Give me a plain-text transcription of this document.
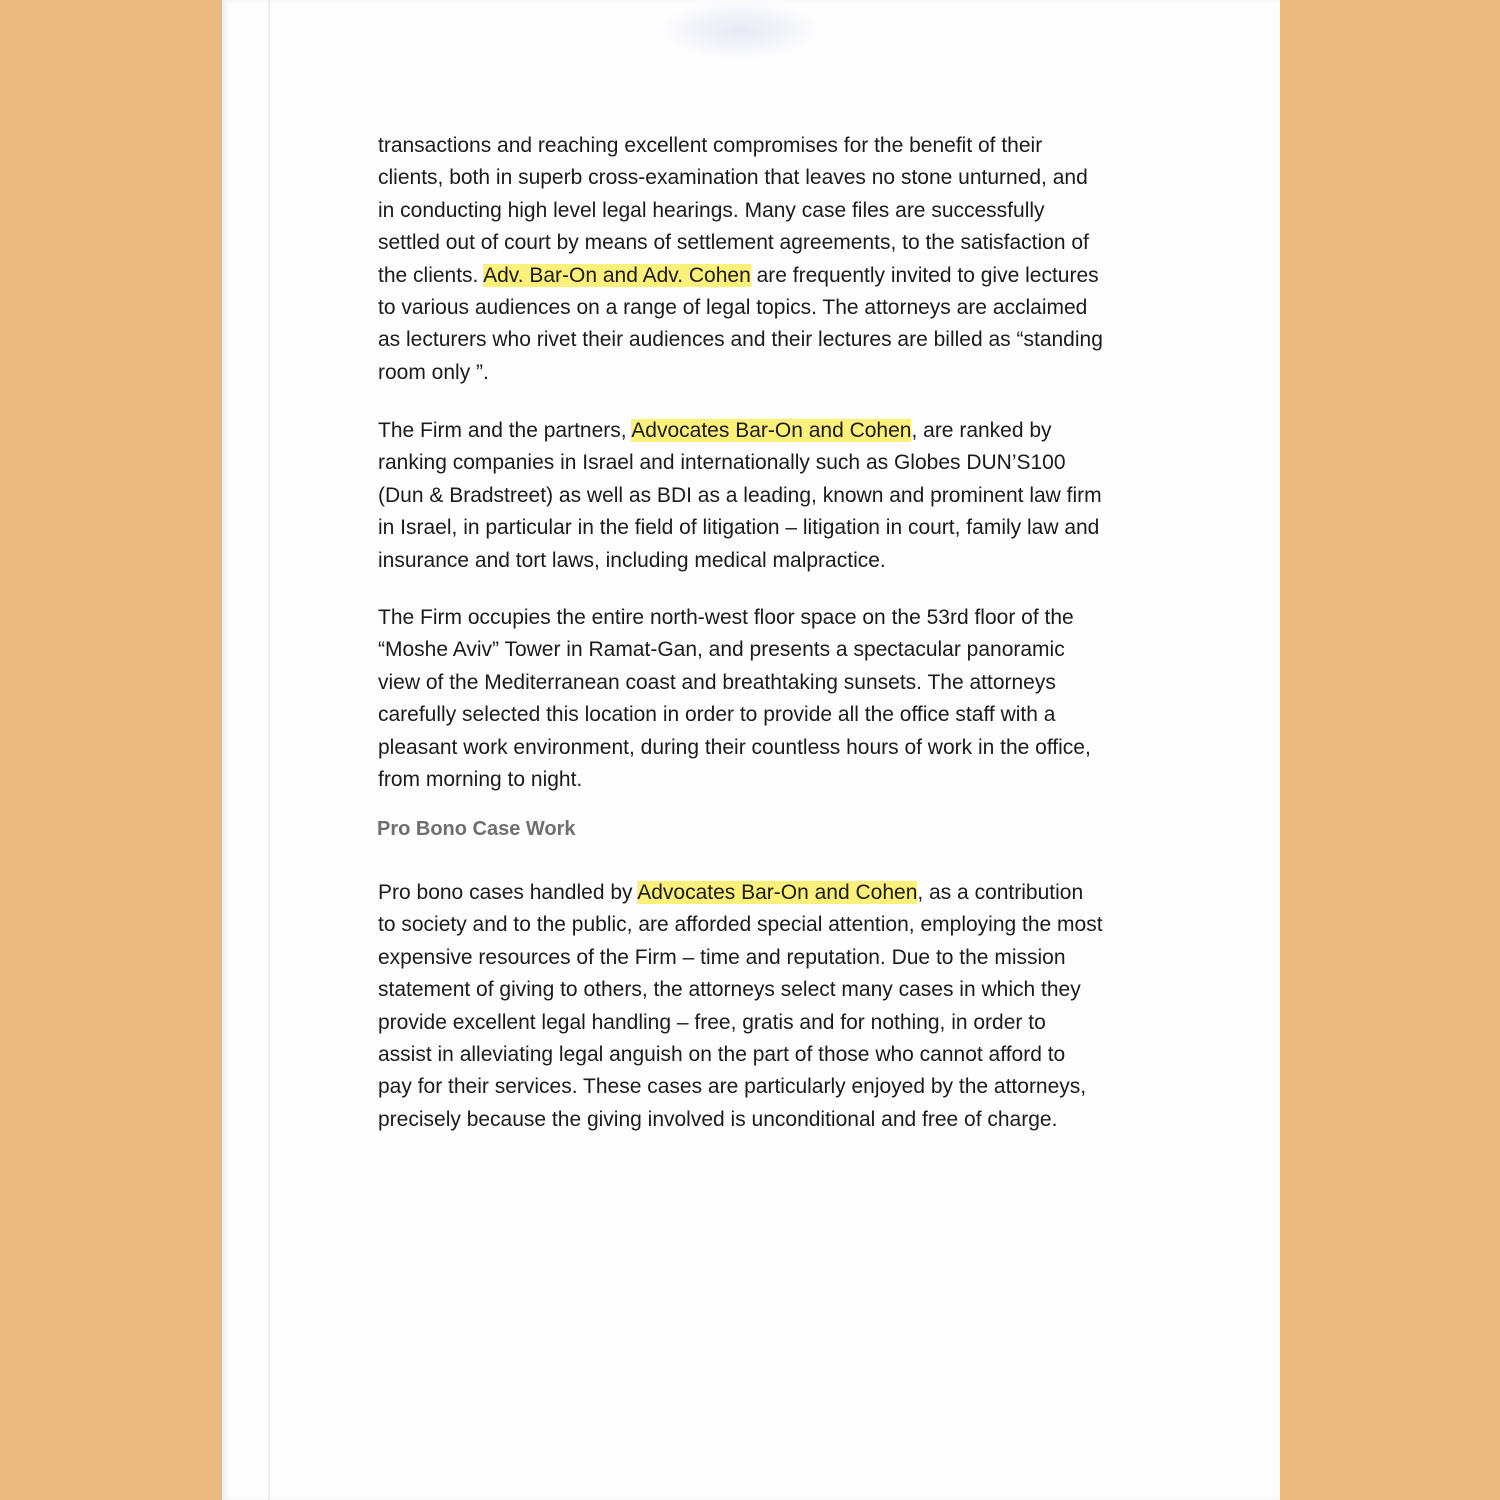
transactions and reaching excellent compromises for the benefit of their
clients, both in superb cross-examination that leaves no stone unturned, and
in conducting high level legal hearings. Many case files are successfully
settled out of court by means of settlement agreements, to the satisfaction of
the clients. Adv. Bar-On and Adv. Cohen are frequently invited to give lectures
to various audiences on a range of legal topics. The attorneys are acclaimed
as lecturers who rivet their audiences and their lectures are billed as “standing
room only ”.

The Firm and the partners, Advocates Bar-On and Cohen, are ranked by
ranking companies in Israel and internationally such as Globes DUN’S100
(Dun & Bradstreet) as well as BDI as a leading, known and prominent law firm
in Israel, in particular in the field of litigation – litigation in court, family law and
insurance and tort laws, including medical malpractice.

The Firm occupies the entire north-west floor space on the 53rd floor of the
“Moshe Aviv” Tower in Ramat-Gan, and presents a spectacular panoramic
view of the Mediterranean coast and breathtaking sunsets. The attorneys
carefully selected this location in order to provide all the office staff with a
pleasant work environment, during their countless hours of work in the office,
from morning to night.

Pro Bono Case Work

Pro bono cases handled by Advocates Bar-On and Cohen, as a contribution
to society and to the public, are afforded special attention, employing the most
expensive resources of the Firm – time and reputation. Due to the mission
statement of giving to others, the attorneys select many cases in which they
provide excellent legal handling – free, gratis and for nothing, in order to
assist in alleviating legal anguish on the part of those who cannot afford to
pay for their services. These cases are particularly enjoyed by the attorneys,
precisely because the giving involved is unconditional and free of charge.
